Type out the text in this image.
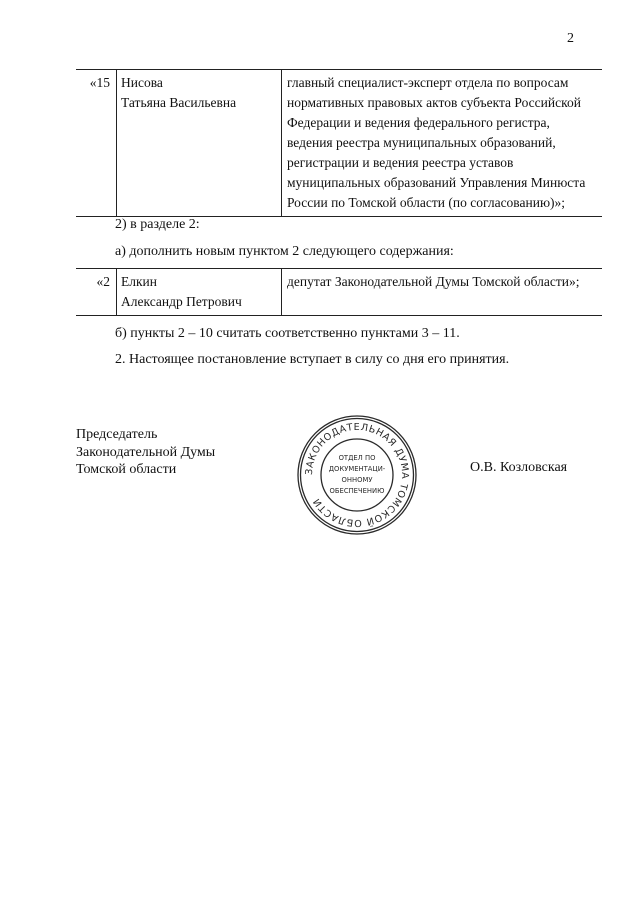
2
«15	Нисова
Татьяна Васильевна

главный специалист-эксперт отдела по вопросам
нормативных правовых актов субъекта Российской
Федерации и ведения федерального регистра,
ведения реестра муниципальных образований,
регистрации и ведения реестра уставов
муниципальных образований Управления Минюста
России по Томской области (по согласованию)»;
2) в разделе 2:
а) дополнить новым пунктом 2 следующего содержания:
«2	Елкин
Александр Петрович
	депутат Законодательной Думы Томской области»;
б) пункты 2 – 10 считать соответственно пунктами 3 – 11.
2. Настоящее постановление вступает в силу со дня его принятия.
Председатель
Законодательной Думы
Томской области	ЗАКОНОДАТЕЛЬНАЯ ДУМА ТОМСКОЙ ОБЛАСТИ
ОТДЕЛ ПО
ДОКУМЕНТАЦИ-
ОННОМУ
ОБЕСПЕЧЕНИЮ
О.В. Козловская
